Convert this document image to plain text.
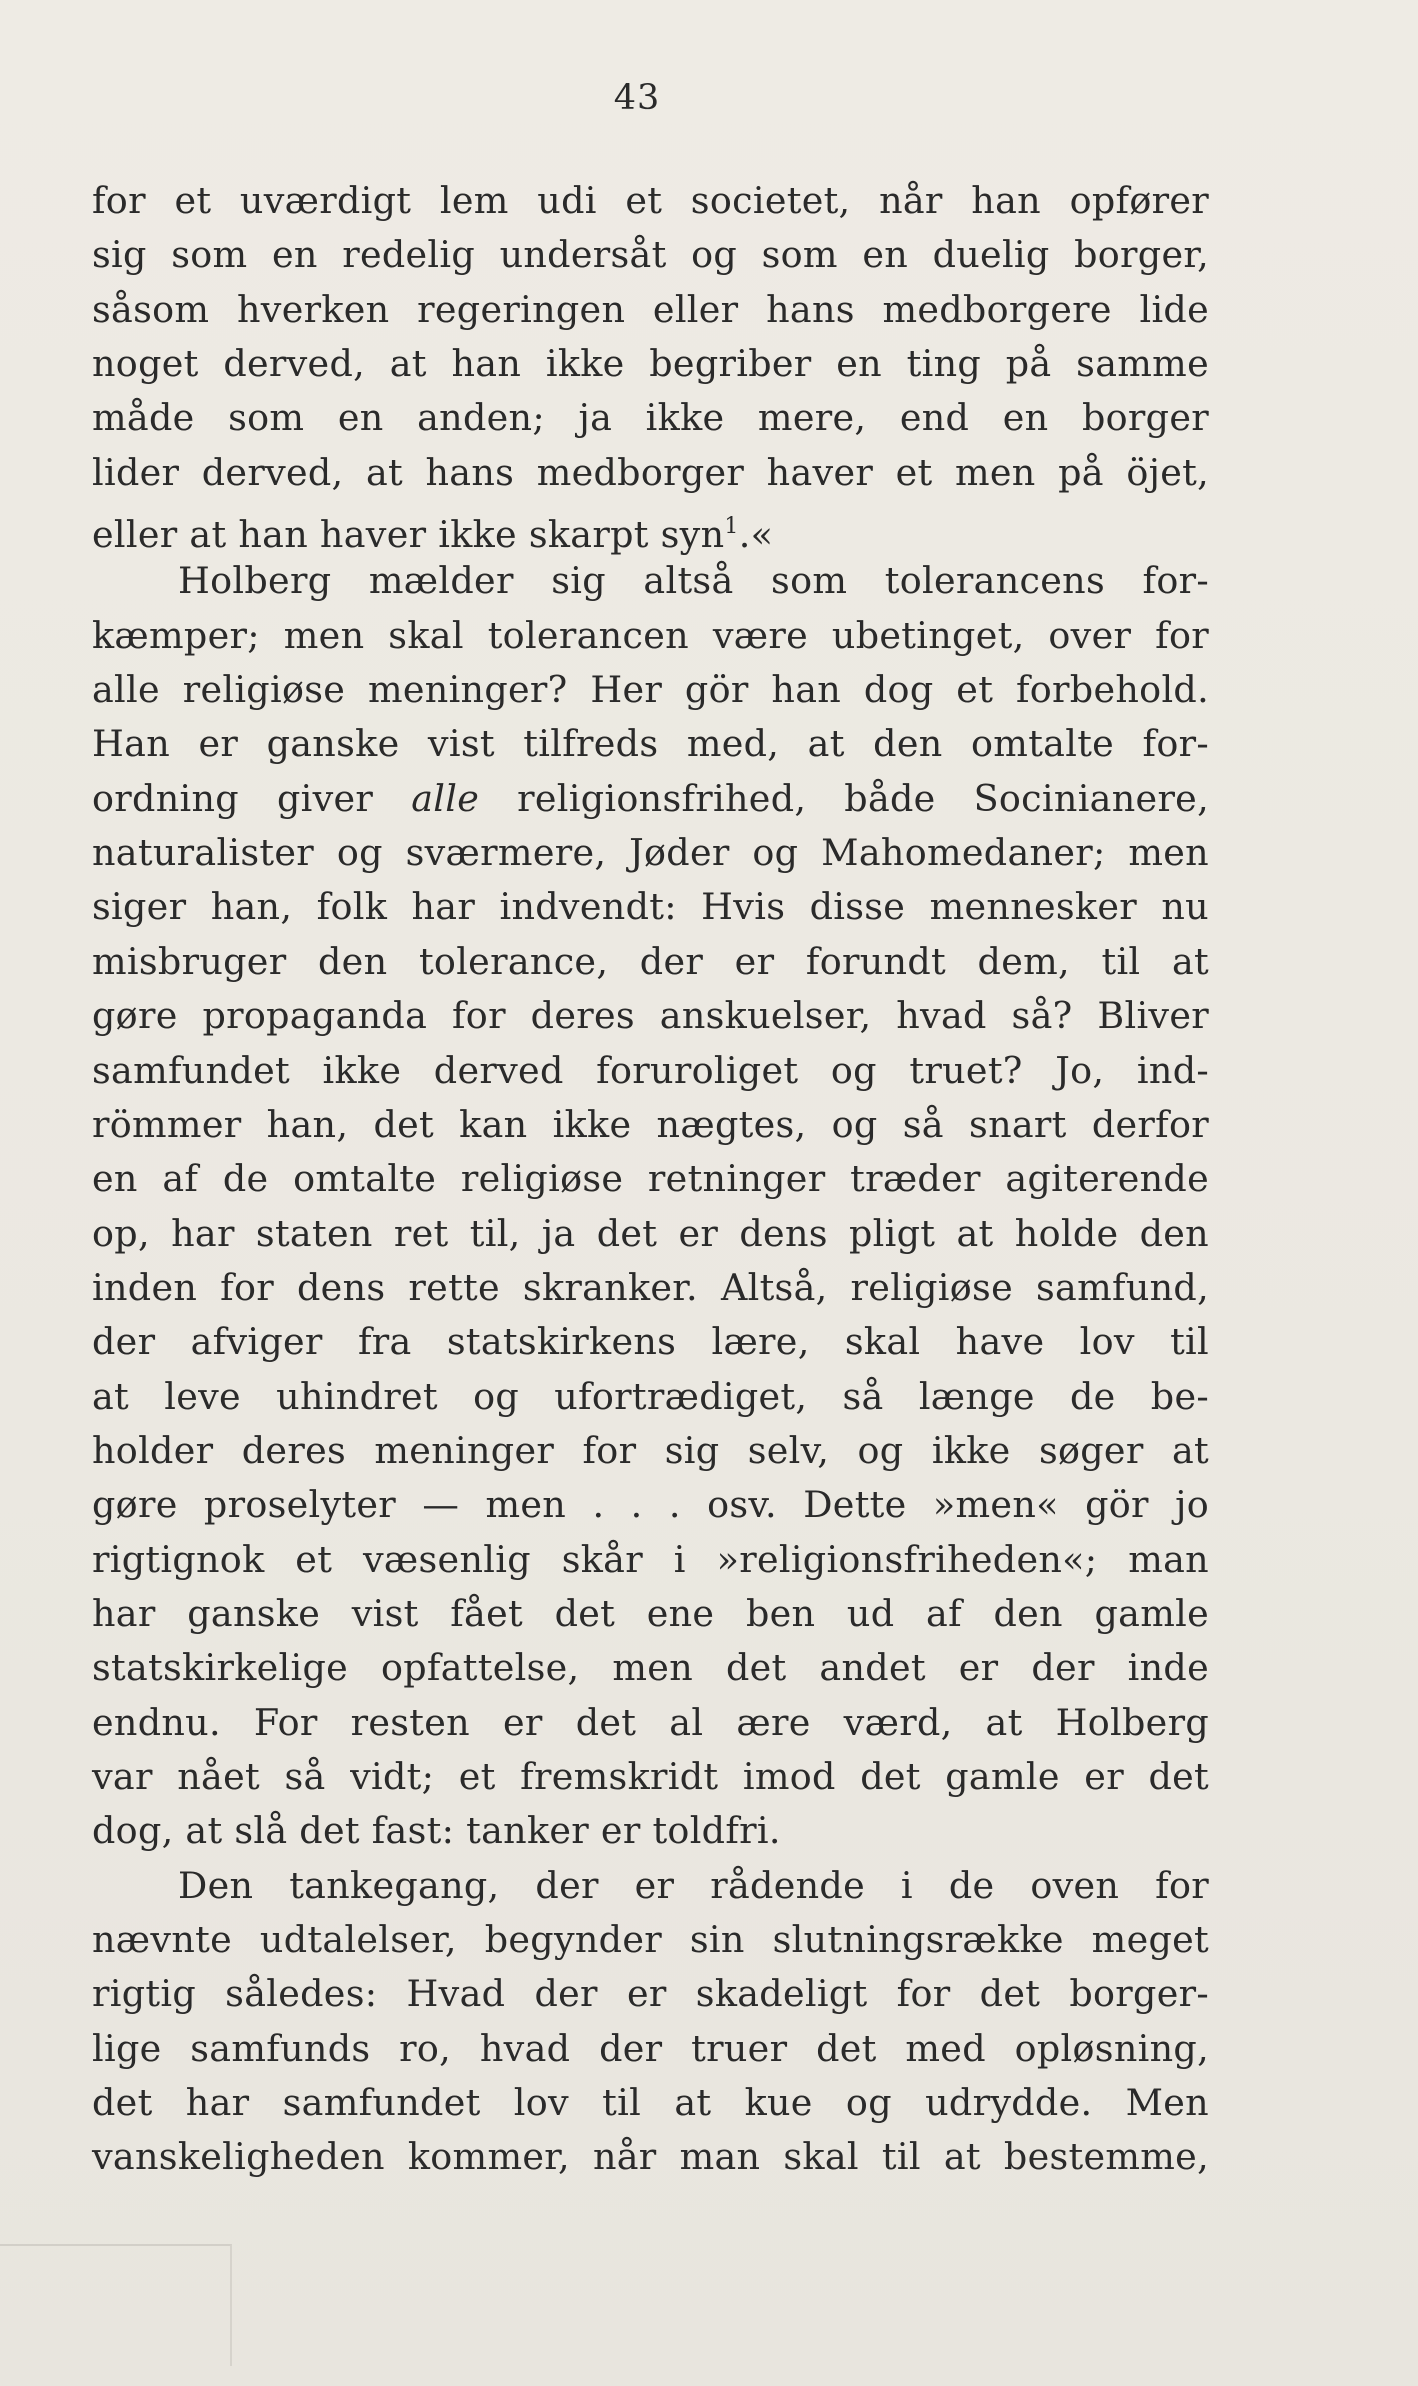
43
for et uværdigt lem udi et societet, når han opfører
sig som en redelig undersåt og som en duelig borger,
såsom hverken regeringen eller hans medborgere lide
noget derved, at han ikke begriber en ting på samme
måde som en anden; ja ikke mere, end en borger
lider derved, at hans medborger haver et men på öjet,
eller at han haver ikke skarpt syn$^1$.«
Holberg mælder sig altså som tolerancens for-
kæmper; men skal tolerancen være ubetinget, over for
alle religiøse meninger? Her gör han dog et forbehold.
Han er ganske vist tilfreds med, at den omtalte for-
ordning giver alle religionsfrihed, både Socinianere,
naturalister og sværmere, Jøder og Mahomedaner; men
siger han, folk har indvendt: Hvis disse mennesker nu
misbruger den tolerance, der er forundt dem, til at
gøre propaganda for deres anskuelser, hvad så? Bliver
samfundet ikke derved foruroliget og truet? Jo, ind-
römmer han, det kan ikke nægtes, og så snart derfor
en af de omtalte religiøse retninger træder agiterende
op, har staten ret til, ja det er dens pligt at holde den
inden for dens rette skranker. Altså, religiøse samfund,
der afviger fra statskirkens lære, skal have lov til
at leve uhindret og ufortrædiget, så længe de be-
holder deres meninger for sig selv, og ikke søger at
gøre proselyter — men . . . osv. Dette »men« gör jo
rigtignok et væsenlig skår i »religionsfriheden«; man
har ganske vist fået det ene ben ud af den gamle
statskirkelige opfattelse, men det andet er der inde
endnu. For resten er det al ære værd, at Holberg
var nået så vidt; et fremskridt imod det gamle er det
dog, at slå det fast: tanker er toldfri.
Den tankegang, der er rådende i de oven for
nævnte udtalelser, begynder sin slutningsrække meget
rigtig således: Hvad der er skadeligt for det borger-
lige samfunds ro, hvad der truer det med opløsning,
det har samfundet lov til at kue og udrydde. Men
vanskeligheden kommer, når man skal til at bestemme,
